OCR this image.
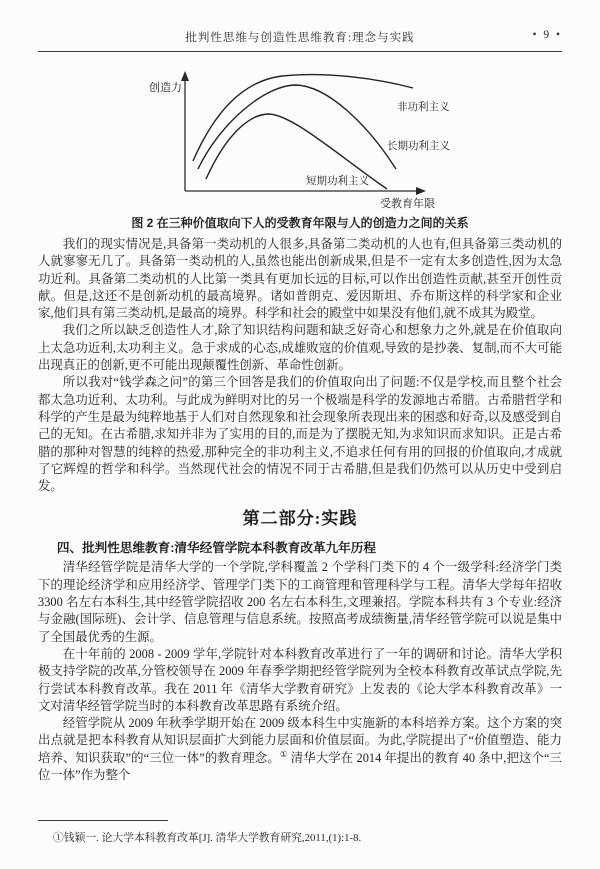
批判性思维与创造性思维教育:理念与实践	• 9 •
创造力
受教育年限
非功利主义
长期功利主义
短期功利主义
图 2 在三种价值取向下人的受教育年限与人的创造力之间的关系

我们的现实情况是,具备第一类动机的人很多,具备第二类动机的人也有,但具备第三类动机的人就寥寥无几了。具备第一类动机的人,虽然也能出创新成果,但是不一定有太多创造性,因为太急功近利。具备第二类动机的人比第一类具有更加长远的目标,可以作出创造性贡献,甚至开创性贡献。但是,这还不是创新动机的最高境界。诸如普朗克、爱因斯坦、乔布斯这样的科学家和企业家,他们具有第三类动机,是最高的境界。科学和社会的殿堂中如果没有他们,就不成其为殿堂。

我们之所以缺乏创造性人才,除了知识结构问题和缺乏好奇心和想象力之外,就是在价值取向上太急功近利,太功利主义。急于求成的心态,成雄败寇的价值观,导致的是抄袭、复制,而不大可能出现真正的创新,更不可能出现颠覆性创新、革命性创新。

所以我对“钱学森之问”的第三个回答是我们的价值取向出了问题:不仅是学校,而且整个社会都太急功近利、太功利。与此成为鲜明对比的另一个极端是科学的发源地古希腊。古希腊哲学和科学的产生是最为纯粹地基于人们对自然现象和社会现象所表现出来的困惑和好奇,以及感受到自己的无知。在古希腊,求知并非为了实用的目的,而是为了摆脱无知,为求知识而求知识。正是古希腊的那种对智慧的纯粹的热爱,那种完全的非功利主义,不追求任何有用的回报的价值取向,才成就了它辉煌的哲学和科学。当然现代社会的情况不同于古希腊,但是我们仍然可以从历史中受到启发。

第二部分:实践
四、批判性思维教育:清华经管学院本科教育改革九年历程

清华经管学院是清华大学的一个学院,学科覆盖 2 个学科门类下的 4 个一级学科:经济学门类下的理论经济学和应用经济学、管理学门类下的工商管理和管理科学与工程。清华大学每年招收 3300 名左右本科生,其中经管学院招收 200 名左右本科生,文理兼招。学院本科共有 3 个专业:经济与金融(国际班)、会计学、信息管理与信息系统。按照高考成绩衡量,清华经管学院可以说是集中了全国最优秀的生源。

在十年前的 2008 - 2009 学年,学院针对本科教育改革进行了一年的调研和讨论。清华大学积极支持学院的改革,分管校领导在 2009 年春季学期把经管学院列为全校本科教育改革试点学院,先行尝试本科教育改革。我在 2011 年《清华大学教育研究》上发表的《论大学本科教育改革》一文对清华经管学院当时的本科教育改革思路有系统介绍。

经管学院从 2009 年秋季学期开始在 2009 级本科生中实施新的本科培养方案。这个方案的突出点就是把本科教育从知识层面扩大到能力层面和价值层面。为此,学院提出了“价值塑造、能力培养、知识获取”的“三位一体”的教育理念。① 清华大学在 2014 年提出的教育 40 条中,把这个“三位一体”作为整个

①钱颖一. 论大学本科教育改革[J]. 清华大学教育研究,2011,(1):1-8.
